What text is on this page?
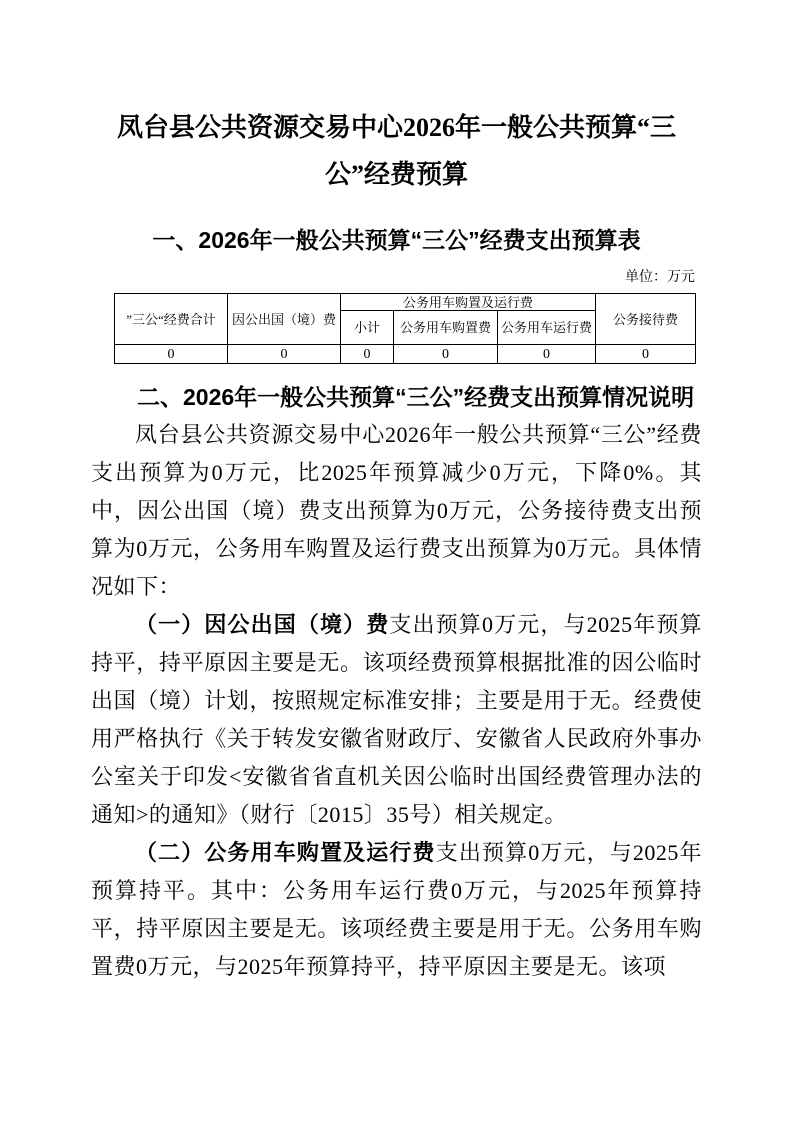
凤台县公共资源交易中心2026年一般公共预算“三公”经费预算
一、2026年一般公共预算“三公”经费支出预算表
单位：万元
”三公“经费合计	因公出国（境）费	公务用车购置及运行费			公务接待费
		小计	公务用车购置费	公务用车运行费	
0	0	0	0	0	0

二、2026年一般公共预算“三公”经费支出预算情况说明

凤台县公共资源交易中心2026年一般公共预算“三公”经费支出预算为0万元，比2025年预算减少0万元，下降0%。其中，因公出国（境）费支出预算为0万元，公务接待费支出预算为0万元，公务用车购置及运行费支出预算为0万元。具体情况如下：

（一）因公出国（境）费支出预算0万元，与2025年预算持平，持平原因主要是无。该项经费预算根据批准的因公临时出国（境）计划，按照规定标准安排；主要是用于无。经费使用严格执行《关于转发安徽省财政厅、安徽省人民政府外事办公室关于印发<安徽省省直机关因公临时出国经费管理办法的通知>的通知》（财行〔2015〕35号）相关规定。

（二）公务用车购置及运行费支出预算0万元，与2025年预算持平。其中：公务用车运行费0万元，与2025年预算持平，持平原因主要是无。该项经费主要是用于无。公务用车购置费0万元，与2025年预算持平，持平原因主要是无。该项
